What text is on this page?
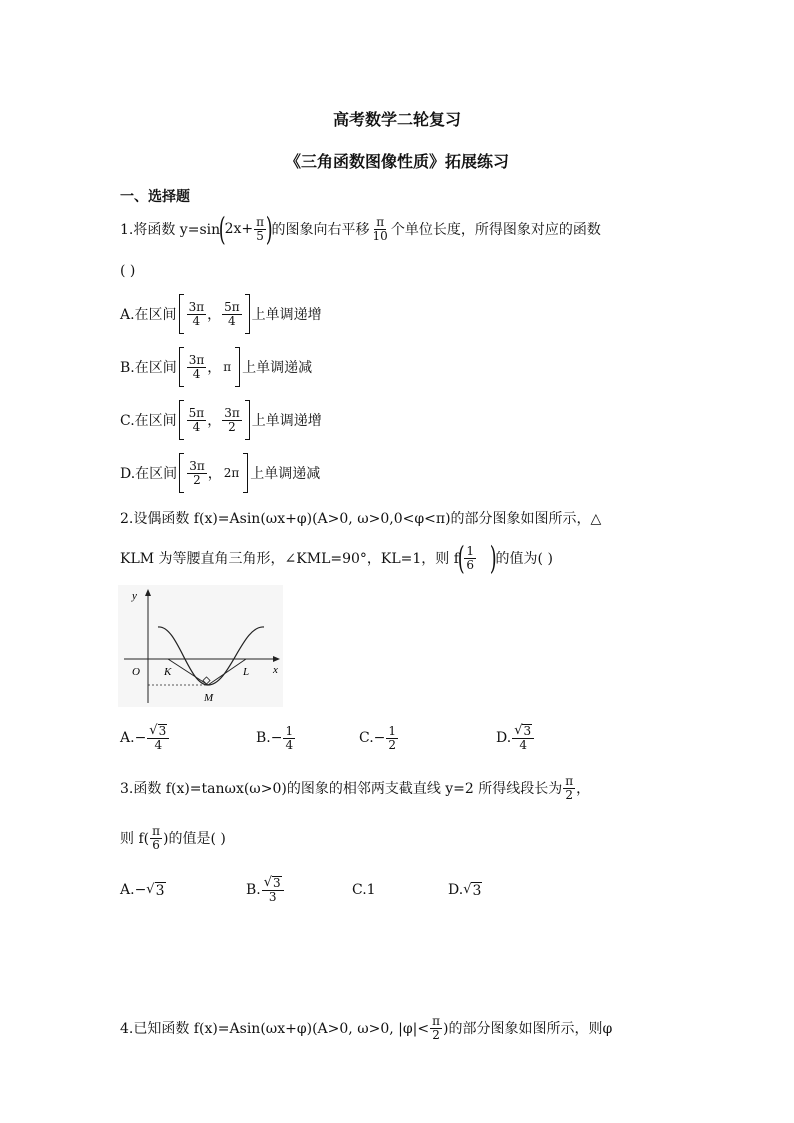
高考数学二轮复习
《三角函数图像性质》拓展练习
一、选择题
1.将函数 y=sin
(
$2x+ \frac{\pi}{5}$ )
的图象向右平移 $\frac{\pi}{10}$ 个单位长度，所得图象对应的函数
( )
A.在区间 $\frac{3\pi}{4}$ ， $\frac{5\pi}{4}$ 上单调递增
B.在区间 $\frac{3\pi}{4}$ ， π 上单调递减
C.在区间 $\frac{5\pi}{4}$ ， $\frac{3\pi}{2}$ 上单调递增
D.在区间 $\frac{3\pi}{2}$ ， 2π 上单调递减
2.设偶函数 f(x)=Asin(ωx+φ)(A>0, ω>0,0<φ<π)的部分图象如图所示，△
KLM 为等腰直角三角形，∠KML=90°，KL=1，则 f
( $\frac{1}{6}$ )
的值为( )
y
x
O K	L
M
A. − $\frac{√ 3}{4}$	B. − $\frac{1}{4}$	C. − $\frac{1}{2}$	D. $\frac{√ 3}{4}$
3.函数 f(x)=tanωx(ω>0)的图象的相邻两支截直线 y=2 所得线段长为 $\frac{\pi}{2}$ ，
则 $f( \frac{\pi}{6}$ )的值是( )
A. − √ 3	B. $\frac{√ 3}{3}$	C. 1	D. √ 3
4.已知函数 f(x)=Asin(ωx+φ)(A>0, ω>0, $|\varphi|< \frac{\pi}{2}$ )的部分图象如图所示，则φ
